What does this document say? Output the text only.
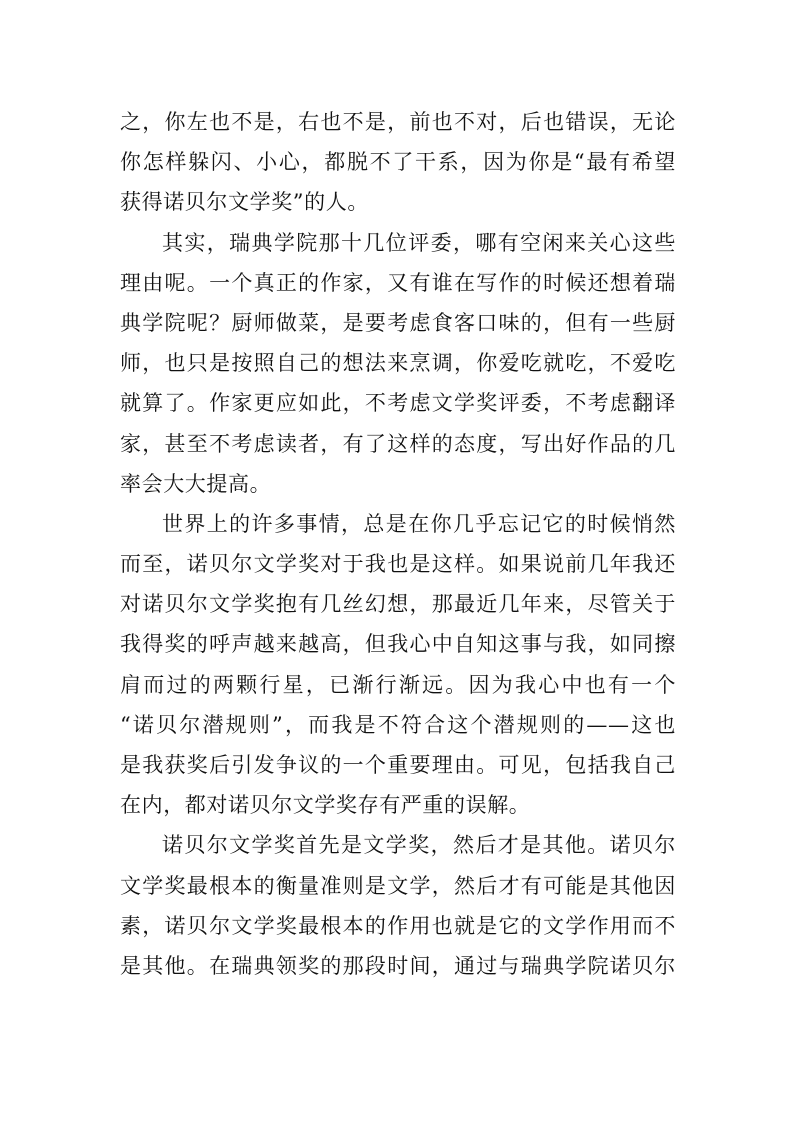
之，你左也不是，右也不是，前也不对，后也错误，无论
你怎样躲闪、小心，都脱不了干系，因为你是“最有希望
获得诺贝尔文学奖”的人。
其实，瑞典学院那十几位评委，哪有空闲来关心这些
理由呢。一个真正的作家，又有谁在写作的时候还想着瑞
典学院呢？厨师做菜，是要考虑食客口味的，但有一些厨
师，也只是按照自己的想法来烹调，你爱吃就吃，不爱吃
就算了。作家更应如此，不考虑文学奖评委，不考虑翻译
家，甚至不考虑读者，有了这样的态度，写出好作品的几
率会大大提高。
世界上的许多事情，总是在你几乎忘记它的时候悄然
而至，诺贝尔文学奖对于我也是这样。如果说前几年我还
对诺贝尔文学奖抱有几丝幻想，那最近几年来，尽管关于
我得奖的呼声越来越高，但我心中自知这事与我，如同擦
肩而过的两颗行星，已渐行渐远。因为我心中也有一个
“诺贝尔潜规则”，而我是不符合这个潜规则的——这也
是我获奖后引发争议的一个重要理由。可见，包括我自己
在内，都对诺贝尔文学奖存有严重的误解。
诺贝尔文学奖首先是文学奖，然后才是其他。诺贝尔
文学奖最根本的衡量准则是文学，然后才有可能是其他因
素，诺贝尔文学奖最根本的作用也就是它的文学作用而不
是其他。在瑞典领奖的那段时间，通过与瑞典学院诺贝尔
